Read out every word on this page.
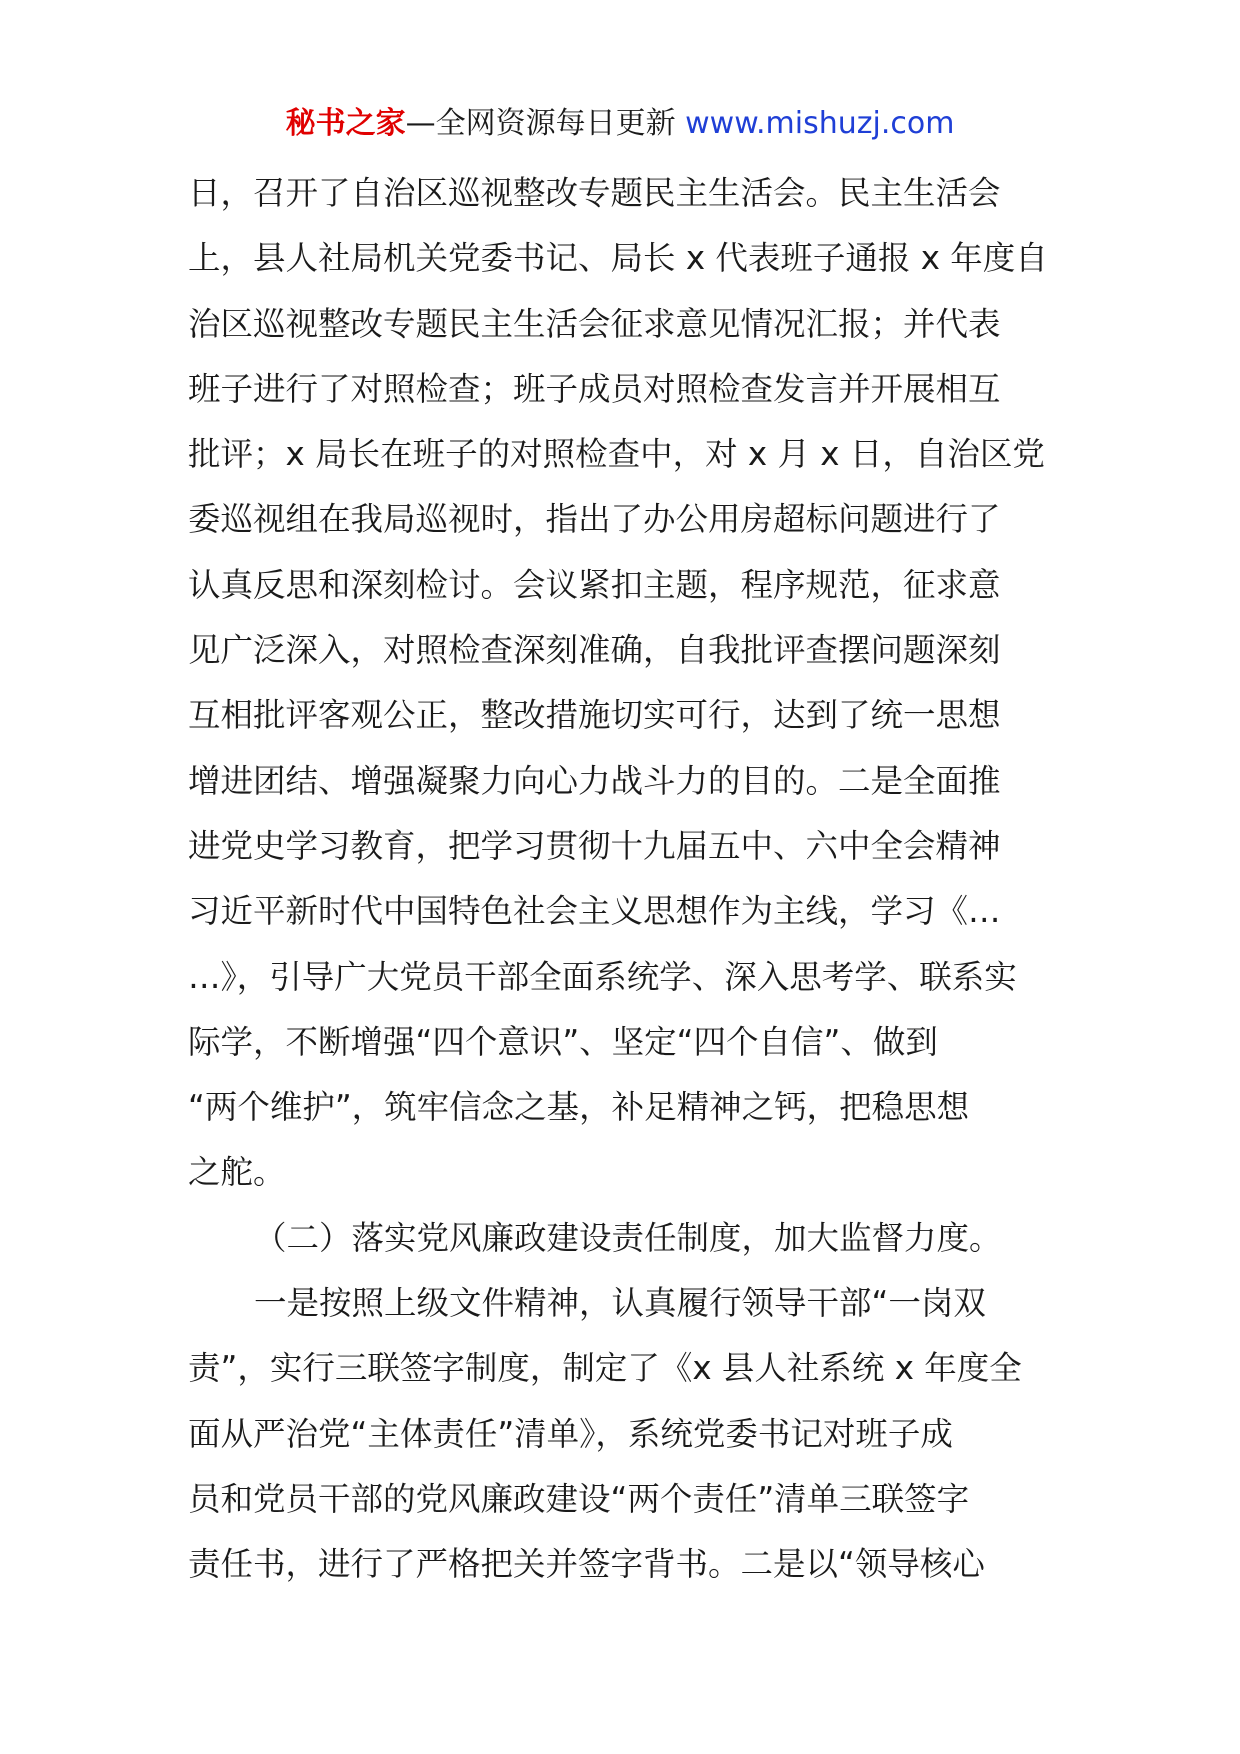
秘书之家—全网资源每日更新 www.mishuzj.com
日，召开了自治区巡视整改专题民主生活会。民主生活会
上，县人社局机关党委书记、局长 x 代表班子通报 x 年度自
治区巡视整改专题民主生活会征求意见情况汇报；并代表
班子进行了对照检查；班子成员对照检查发言并开展相互
批评；x 局长在班子的对照检查中，对 x 月 x 日，自治区党
委巡视组在我局巡视时，指出了办公用房超标问题进行了
认真反思和深刻检讨。会议紧扣主题，程序规范，征求意
见广泛深入，对照检查深刻准确，自我批评查摆问题深刻
互相批评客观公正，整改措施切实可行，达到了统一思想
增进团结、增强凝聚力向心力战斗力的目的。二是全面推
进党史学习教育，把学习贯彻十九届五中、六中全会精神
习近平新时代中国特色社会主义思想作为主线，学习《…
…》，引导广大党员干部全面系统学、深入思考学、联系实
际学，不断增强“四个意识”、坚定“四个自信”、做到
“两个维护”，筑牢信念之基，补足精神之钙，把稳思想
之舵。
（二）落实党风廉政建设责任制度，加大监督力度。
一是按照上级文件精神，认真履行领导干部“一岗双
责”，实行三联签字制度，制定了《x 县人社系统 x 年度全
面从严治党“主体责任”清单》，系统党委书记对班子成
员和党员干部的党风廉政建设“两个责任”清单三联签字
责任书，进行了严格把关并签字背书。二是以“领导核心
